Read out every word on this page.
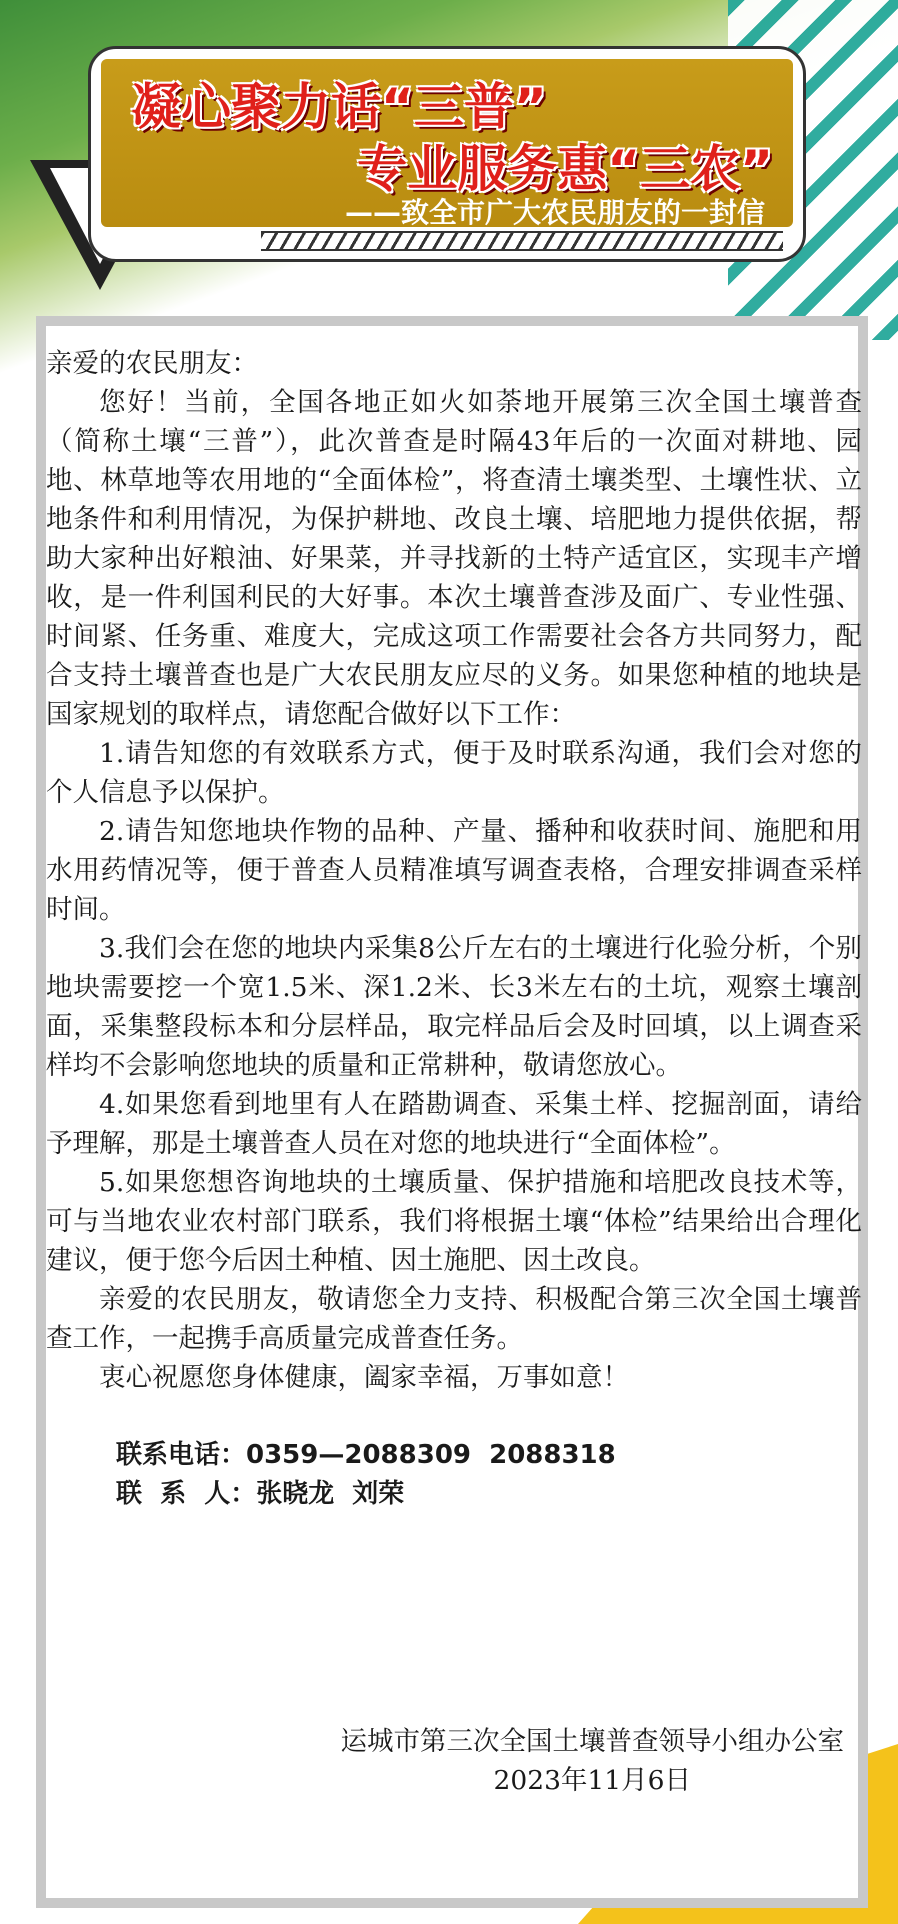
凝心聚力话“三普”
专业服务惠“三农”
——致全市广大农民朋友的一封信

亲爱的农民朋友：

您好！当前，全国各地正如火如荼地开展第三次全国土壤普查（简称土壤“三普”），此次普查是时隔43年后的一次面对耕地、园地、林草地等农用地的“全面体检”，将查清土壤类型、土壤性状、立地条件和利用情况，为保护耕地、改良土壤、培肥地力提供依据，帮助大家种出好粮油、好果菜，并寻找新的土特产适宜区，实现丰产增收，是一件利国利民的大好事。本次土壤普查涉及面广、专业性强、时间紧、任务重、难度大，完成这项工作需要社会各方共同努力，配合支持土壤普查也是广大农民朋友应尽的义务。如果您种植的地块是国家规划的取样点，请您配合做好以下工作：

1.请告知您的有效联系方式，便于及时联系沟通，我们会对您的个人信息予以保护。

2.请告知您地块作物的品种、产量、播种和收获时间、施肥和用水用药情况等，便于普查人员精准填写调查表格，合理安排调查采样时间。

3.我们会在您的地块内采集8公斤左右的土壤进行化验分析，个别地块需要挖一个宽1.5米、深1.2米、长3米左右的土坑，观察土壤剖面，采集整段标本和分层样品，取完样品后会及时回填，以上调查采样均不会影响您地块的质量和正常耕种，敬请您放心。

4.如果您看到地里有人在踏勘调查、采集土样、挖掘剖面，请给予理解，那是土壤普查人员在对您的地块进行“全面体检”。

5.如果您想咨询地块的土壤质量、保护措施和培肥改良技术等，可与当地农业农村部门联系，我们将根据土壤“体检”结果给出合理化建议，便于您今后因土种植、因土施肥、因土改良。

亲爱的农民朋友，敬请您全力支持、积极配合第三次全国土壤普查工作，一起携手高质量完成普查任务。

衷心祝愿您身体健康，阖家幸福，万事如意！

联系电话：0359—2088309  2088318
联  系  人：张晓龙  刘荣
运城市第三次全国土壤普查领导小组办公室
2023年11月6日
